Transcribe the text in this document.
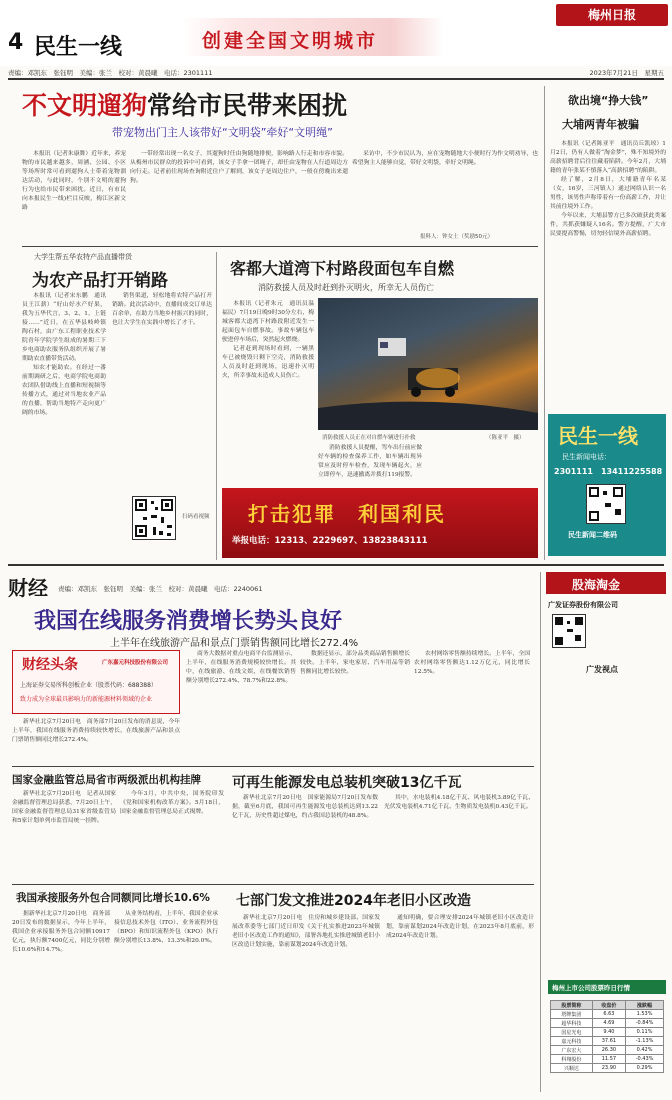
4 民生一线	创建全国文明城市
梅州日报
责编：邓凯东　张钰明　美编：张兰　校对：黄晨曦　电话：2301111	2023年7月21日　星期五
不文明遛狗常给市民带来困扰
带宠物出门主人该带好“文明袋”牵好“文明绳”

本报讯（记者朱康舞）近年来，养宠物的市民越来越多，周涵、公园、小区等场所时常可看到遛狗人士带着宠物溜达活动，与此同时，个别不文明的遛狗行为也给市民带来困扰。近日，有市民向本报民生一线)栏目反映，梅江区新文路

一带经常出现一名女子，其遛狗时任由狗随地排便，影响路人行走和市容市貌。从梅州市民群众的投诉中可看到，该女子手拿一团绳子，却任由宠物在人行道周边方向行走。记者前往现场查询附近住户了解到，该女子是周边住户，一般在傍晚出来遛狗。

采访中，不少市民认为，应在宠物随地大小便时行为作文明劝导，也希望狗主人能够自觉，带好文明袋，牵好文明绳。

报料人：钟女士（奖励50元）
大学生帮五华农特产品直播带货
为农产品打开销路

本报讯（记者宋东鹏　通讯员王江薪）“好山好水产好果，我为五华代言，3、2、1，上链接……”近日，在五华县岐岭镇陶石村，由广东工程职业技术学院青年学院学生组成的暑期三下乡电商助农服务队组织开展了暑期助农直播带货活动。

知农才能助农。在经过一番前期调研之后，电商学院电商助农团队借助线上直播和短视频等传播方式，通过对当地农业产品的直播，帮助当地特产走向更广阔的市场。

销售渠道，轻松地将农特产品打开销路。此次活动中，直播间成交订单达百余单，在助力当地乡村振兴的同时，也让大学生在实践中增长了才干。

扫码看视频
客都大道湾下村路段面包车自燃
消防救援人员及时赶到扑灭明火，所幸无人员伤亡

本报讯（记者朱元　通讯员温福民）7月19日晚9时30分左右，梅城客都大道湾下村路段附近发生一起面包车自燃事故。事故车辆包车驶进停车场后，突然起火燃烧。

记者赶到现场时看到，一辆黑车已被烧毁只剩下空壳，消防救援人员及时赶到现场，迅速扑灭明火，所幸事故未造成人员伤亡。

消防救援人员正在对自燃车辆进行扑救	（陈亚平　摄）

消防救援人员提醒，驾车出行前应做好车辆的检查保养工作，如车辆出现异常应及时停车检查，发现车辆起火，应立即停车，迅速撤离并拨打119报警。

打击犯罪　利国利民
举报电话：12313、2229697、13823843111
欲出境“挣大钱”
大埔两青年被骗

本报讯（记者陈亚平　通讯员丘凯琼）1月2日，仍有人做着“淘金梦”，殊不知境外的高薪招聘背后往往藏着陷阱。今年2月，大埔籍的青年张某不慎落入“高薪招聘”的陷阱。

经了解，2月8日，大埔籍青年名某（女，16岁，三河镇人）通过网络认识一名男性，该男性声称带着有一份高薪工作，并让其前往境外工作。

今年以来，大埔县警方已多次破获此类案件，共抓获嫌疑人16名。警方提醒，广大市民要提高警惕，切勿轻信境外高薪招聘。

民生一线
民生新闻电话：
2301111　13411225588
民生新闻二维码
财经 责编：邓凯东　张钰明　美编：张兰　校对：黄晨曦　电话：2240061
我国在线服务消费增长势头良好
上半年在线旅游产品和景点门票销售额同比增长272.4%
财经头条	广东嘉元科技股份有限公司
上海证券交易所科创板企业（股票代码：688388）
致力成为全球最具影响力的新能源材料领域的企业

新华社北京7月20日电　商务部7月20日发布的消息说，今年上半年，我国在线服务消费持续较快增长，在线旅游产品和景点门票销售额同比增长272.4%。

商务大数据对重点电商平台监测显示，上半年，在线服务消费规模较快增长。其中，在线旅游、在线文娱、在线餐饮销售额分别增长272.4%、78.7%和22.8%。

数据还显示，部分品类商品销售额增长较快。上半年，家电家居、汽车用品等销售额同比增长较快。

农村网络零售额持续增长。上半年，全国农村网络零售额达1.12万亿元，同比增长12.5%。

国家金融监管总局省市两级派出机构挂牌

新华社北京7月20日电　记者从国家金融监督管理总局获悉，7月20日上午，国家金融监督管理总局31家省级监管局和5家计划单列市监管局统一挂牌。

今年3月，中共中央、国务院印发《党和国家机构改革方案》。5月18日，国家金融监督管理总局正式揭牌。

可再生能源发电总装机突破13亿千瓦

新华社北京7月20日电　国家能源局7月20日发布数据，截至6月底，我国可再生能源发电总装机达到13.22亿千瓦，历史性超过煤电，约占我国总装机的48.8%。

其中，水电装机4.18亿千瓦、风电装机3.89亿千瓦、光伏发电装机4.71亿千瓦、生物质发电装机0.43亿千瓦。

我国承接服务外包合同额同比增长10.6%

据新华社北京7月20日电　商务部20日发布的数据显示，今年上半年，我国企业承接服务外包合同额10917亿元，执行额7400亿元，同比分别增长10.6%和14.7%。

从业务结构看，上半年，我国企业承接信息技术外包（ITO）、业务流程外包（BPO）和知识流程外包（KPO）执行额分别增长13.8%、13.3%和20.0%。

七部门发文推进2024年老旧小区改造

新华社北京7月20日电　住房和城乡建设部、国家发展改革委等七部门近日印发《关于扎实推进2023年城镇老旧小区改造工作的通知》，部署各地扎实推进城镇老旧小区改造计划实施，靠前谋划2024年改造计划。

通知明确，要合理安排2024年城镇老旧小区改造计划，靠前谋划2024年改造计划，在2023年8月底前，形成2024年改造计划。

股海淘金
广发证券股份有限公司
广发视点
梅州上市公司股票昨日行情
股票简称	收盘价	涨跌幅
塔牌集团	6.63	1.53%
超华科技	4.69	-0.84%
国星光电	9.40	0.11%
嘉元科技	37.61	-1.13%
广东宏大	26.30	0.42%
科翔股份	11.57	-0.43%
兴顺达	23.90	0.29%
